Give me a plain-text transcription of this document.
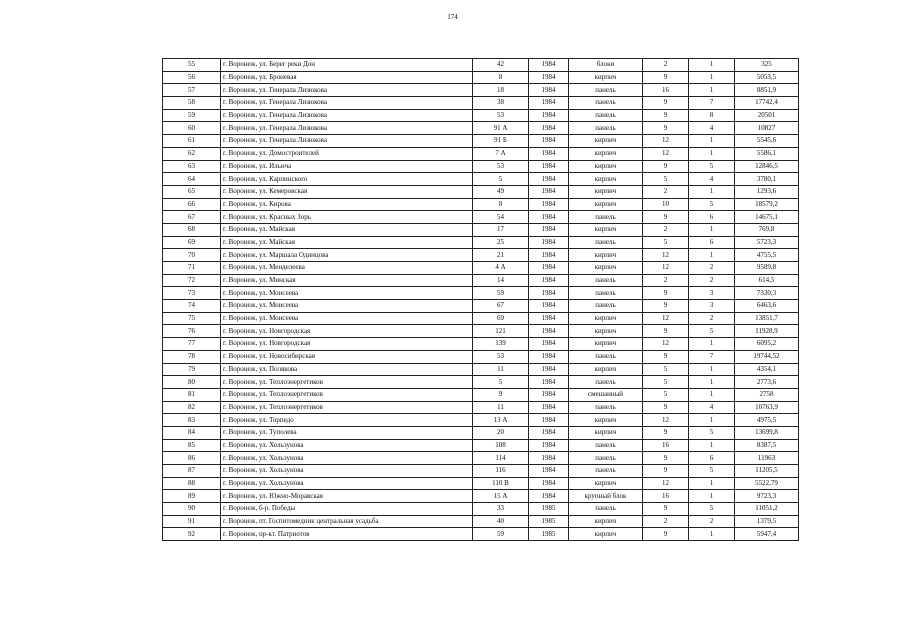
174
55	г. Воронеж, ул. Берег реки Дон	42	1984	блоки	2	1	325
56	г. Воронеж, ул. Броневая	8	1984	кирпич	9	1	5053,5
57	г. Воронеж, ул. Генерала Лизюкова	18	1984	панель	16	1	8851,9
58	г. Воронеж, ул. Генерала Лизюкова	38	1984	панель	9	7	17742,4
59	г. Воронеж, ул. Генерала Лизюкова	53	1984	панель	9	8	20501
60	г. Воронеж, ул. Генерала Лизюкова	91 А	1984	панель	9	4	10827
61	г. Воронеж, ул. Генерала Лизюкова	91 Б	1984	кирпич	12	1	5545,6
62	г. Воронеж, ул. Домостроителей	7 А	1984	кирпич	12	1	5586,1
63	г. Воронеж, ул. Ильича	53	1984	кирпич	9	5	12846,5
64	г. Воронеж, ул. Карпинского	5	1984	кирпич	5	4	3780,1
65	г. Воронеж, ул. Кемеровская	49	1984	кирпич	2	1	1293,6
66	г. Воронеж, ул. Кирова	8	1984	кирпич	10	5	18579,2
67	г. Воронеж, ул. Красных Зорь	54	1984	панель	9	6	14675,1
68	г. Воронеж, ул. Майская	17	1984	кирпич	2	1	769,8
69	г. Воронеж, ул. Майская	25	1984	панель	5	6	5723,3
70	г. Воронеж, ул. Маршала Одинцова	21	1984	кирпич	12	1	4755,5
71	г. Воронеж, ул. Менделеева	4 А	1984	кирпич	12	2	9589,8
72	г. Воронеж, ул. Минская	14	1984	панель	2	2	614,5
73	г. Воронеж, ул. Моисеева	59	1984	панель	9	3	7330,3
74	г. Воронеж, ул. Моисеева	67	1984	панель	9	3	6463,6
75	г. Воронеж, ул. Моисеева	69	1984	кирпич	12	2	13851,7
76	г. Воронеж, ул. Новгородская	121	1984	кирпич	9	5	11928,9
77	г. Воронеж, ул. Новгородская	139	1984	кирпич	12	1	6095,2
78	г. Воронеж, ул. Новосибирская	53	1984	панель	9	7	19744,52
79	г. Воронеж, ул. Полякова	11	1984	кирпич	5	1	4354,1
80	г. Воронеж, ул. Теплоэнергетиков	5	1984	панель	5	1	2773,6
81	г. Воронеж, ул. Теплоэнергетиков	9	1984	смешанный	5	1	2758
82	г. Воронеж, ул. Теплоэнергетиков	11	1984	панель	9	4	10763,9
83	г. Воронеж, ул. Торпедо	13 А	1984	кирпич	12	1	4975,5
84	г. Воронеж, ул. Туполева	20	1984	кирпич	9	5	13699,8
85	г. Воронеж, ул. Хользунова	108	1984	панель	16	1	8387,5
86	г. Воронеж, ул. Хользунова	114	1984	панель	9	6	11963
87	г. Воронеж, ул. Хользунова	116	1984	панель	9	5	11205,5
88	г. Воронеж, ул. Хользунова	110 В	1984	кирпич	12	1	5522,79
89	г. Воронеж, ул. Южно-Моравская	15 А	1984	крупный блок	16	1	9723,3
90	г. Воронеж, б-р. Победы	33	1985	панель	9	5	11051,2
91	г. Воронеж, пт. Госпитомедник центральная усадьба	40	1985	кирпич	2	2	1379,5
92	г. Воронеж, пр-кт. Патриотов	59	1985	кирпич	9	1	5947,4
